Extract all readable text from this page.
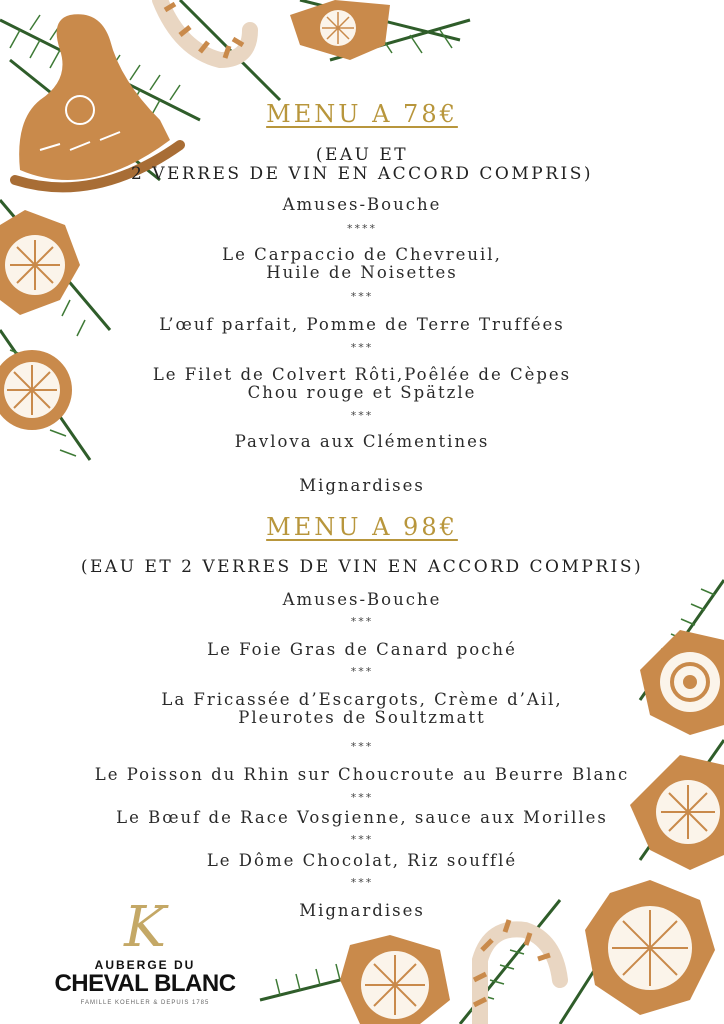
MENU A 78€
(EAU ET
2 VERRES DE VIN EN ACCORD COMPRIS)
Amuses-Bouche
****
Le Carpaccio de Chevreuil,
Huile de Noisettes
***
L’œuf parfait, Pomme de Terre Truffées
***
Le Filet de Colvert Rôti,Poêlée de Cèpes
Chou rouge et Spätzle
***
Pavlova aux Clémentines
Mignardises
MENU A 98€
(EAU ET 2 VERRES DE VIN EN ACCORD COMPRIS)
Amuses-Bouche
***
Le Foie Gras de Canard poché
***
La Fricassée d’Escargots, Crème d’Ail,
Pleurotes de Soultzmatt
***
Le Poisson du Rhin sur Choucroute au Beurre Blanc
***
Le Bœuf de Race Vosgienne, sauce aux Morilles
***
Le Dôme Chocolat, Riz soufflé
***
Mignardises
K
AUBERGE DU
CHEVAL BLANC
FAMILLE KOEHLER & DEPUIS 1785
